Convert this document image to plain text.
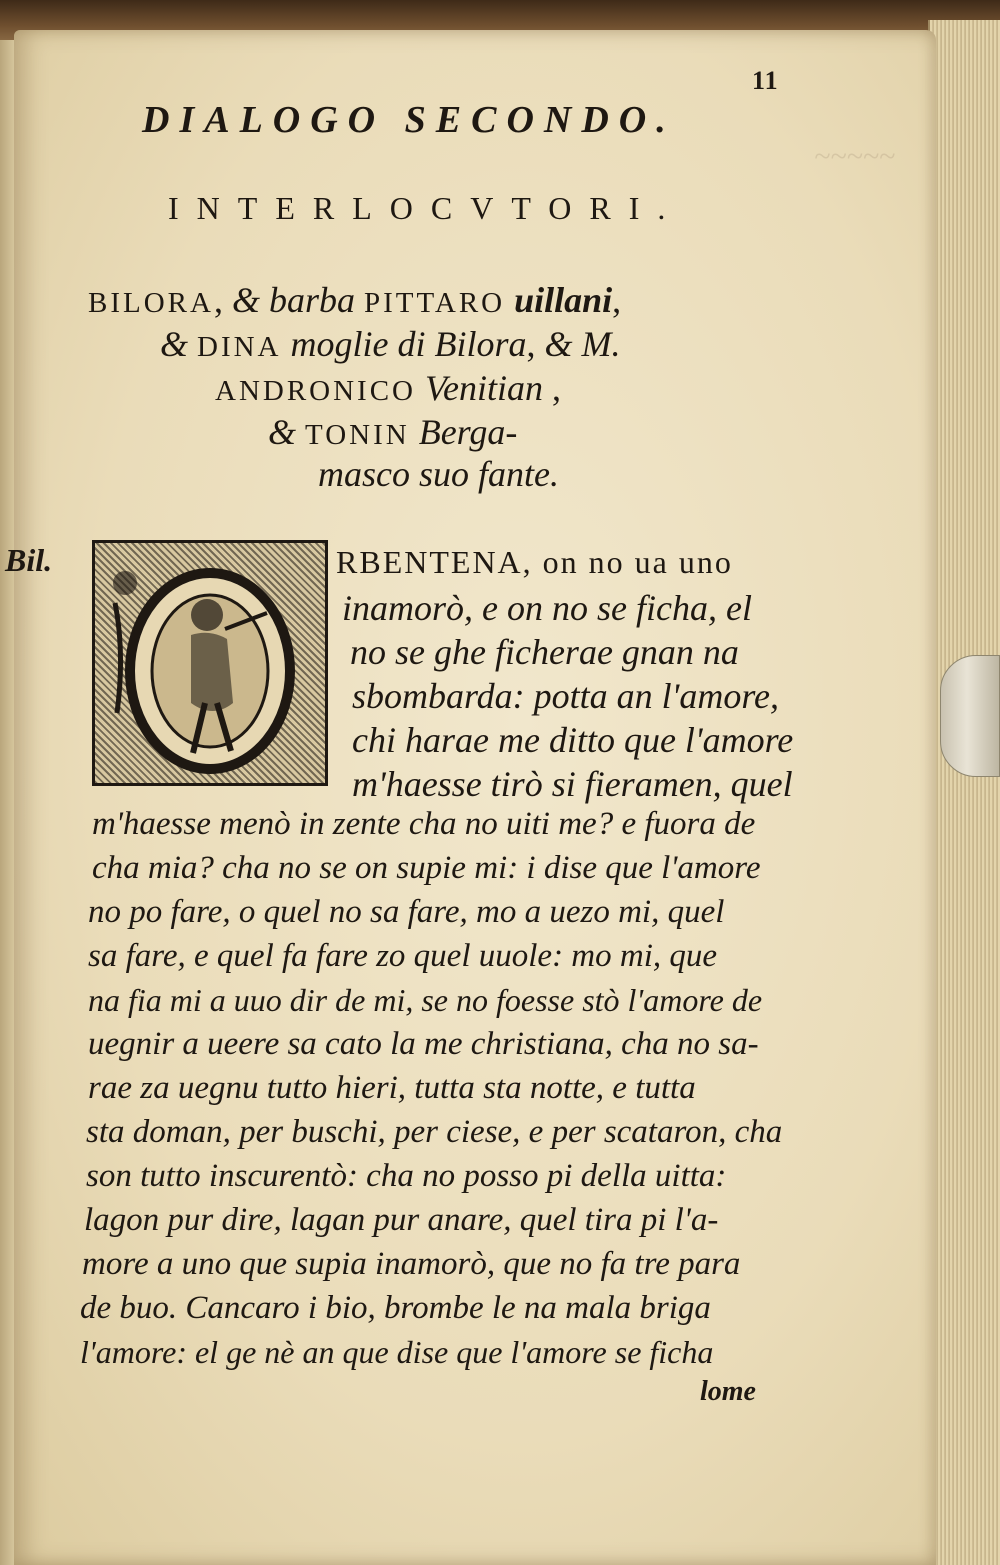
~~~~~
11
DIALOGO SECONDO.
INTERLOCVTORI.
BILORA, & barba PITTARO uillani,
& DINA moglie di Bilora, & M.
ANDRONICO Venitian ,
& TONIN Berga-
masco suo fante.
Bil.	RBENTENA, on no ua uno
inamorò, e on no se ficha, el
no se ghe ficherae gnan na
sbombarda: potta an l'amore,
chi harae me ditto que l'amore
m'haesse tirò si fieramen, quel
m'haesse menò in zente cha no uiti me? e fuora de
cha mia? cha no se on supie mi: i dise que l'amore
no po fare, o quel no sa fare, mo a uezo mi, quel
sa fare, e quel fa fare zo quel uuole: mo mi, que
na fia mi a uuo dir de mi, se no foesse stò l'amore de
uegnir a ueere sa cato la me christiana, cha no sa-
rae za uegnu tutto hieri, tutta sta notte, e tutta
sta doman, per buschi, per ciese, e per scataron, cha
son tutto inscurentò: cha no posso pi della uitta:
lagon pur dire, lagan pur anare, quel tira pi l'a-
more a uno que supia inamorò, que no fa tre para
de buo. Cancaro i bio, brombe le na mala briga
l'amore: el ge nè an que dise que l'amore se ficha
lome
